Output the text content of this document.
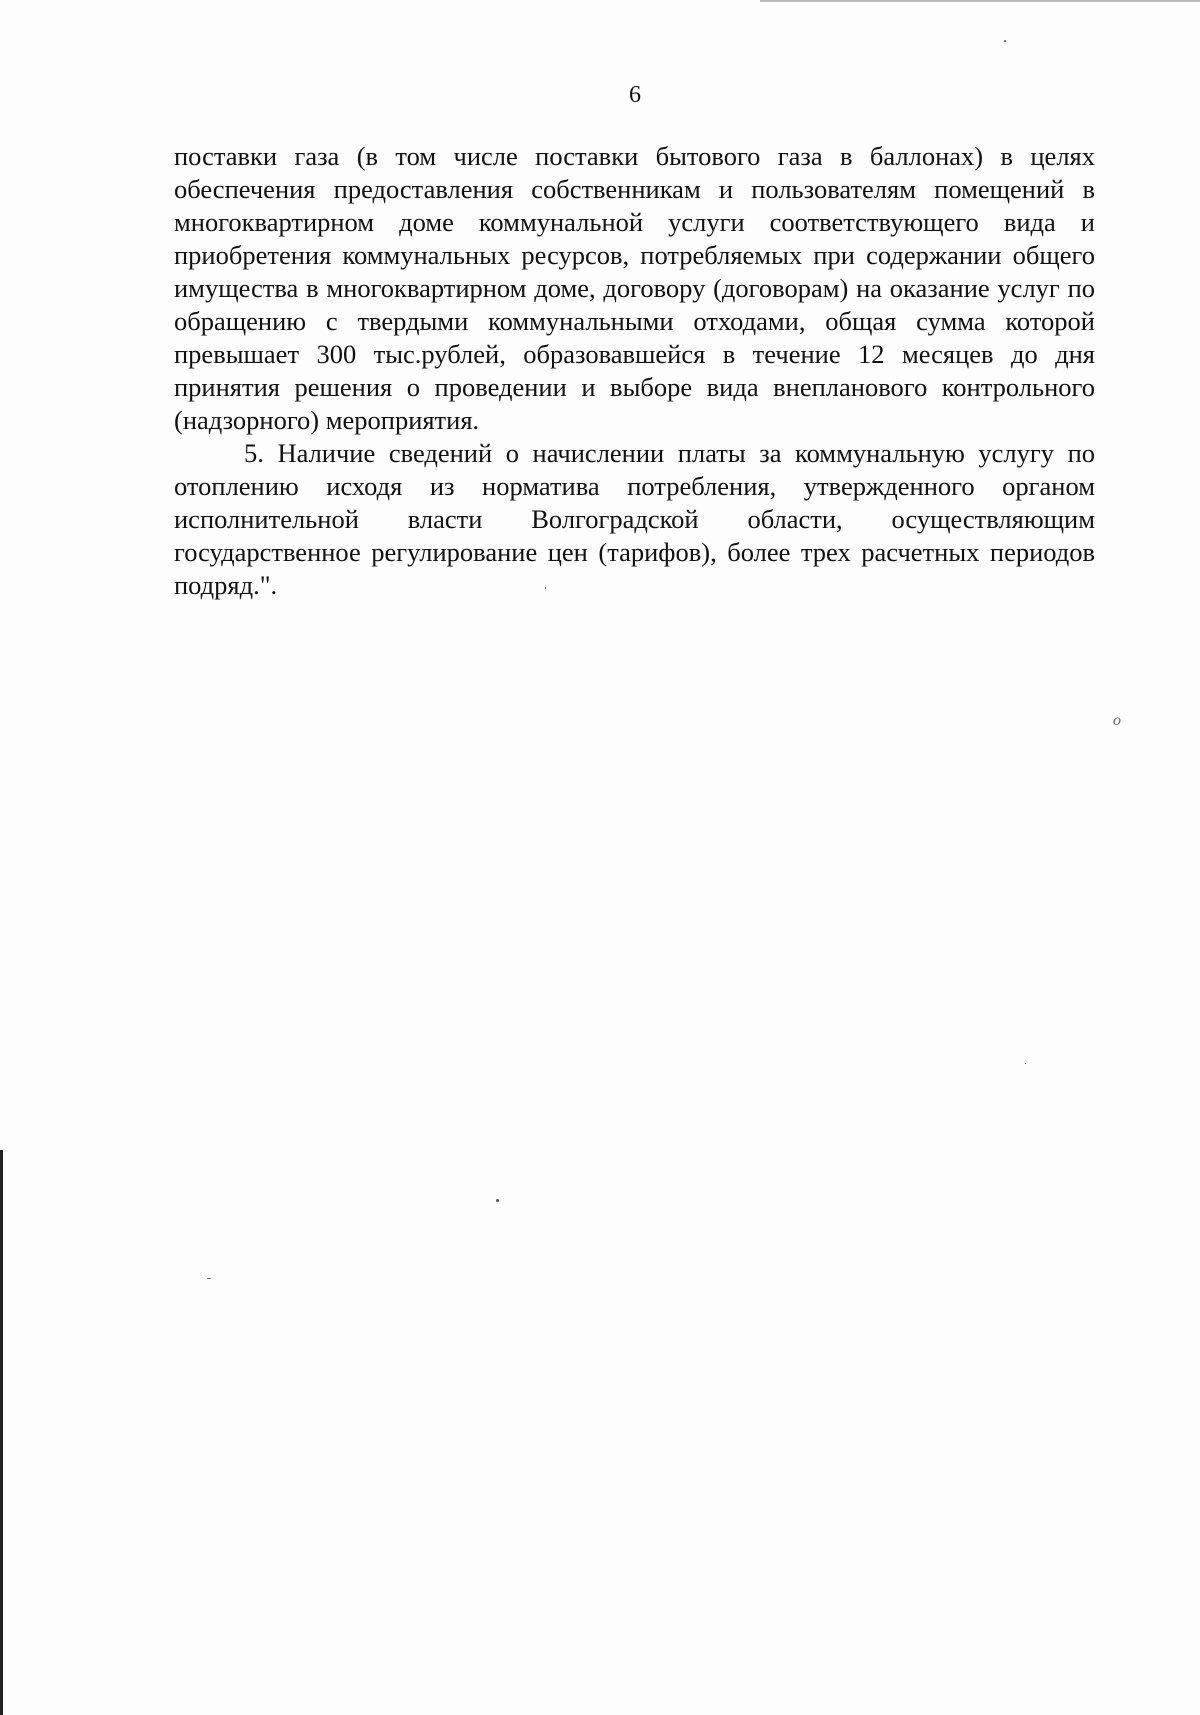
6

поставки газа (в том числе поставки бытового газа в баллонах) в целях обеспечения предоставления собственникам и пользователям помещений в многоквартирном доме коммунальной услуги соответствующего вида и приобретения коммунальных ресурсов, потребляемых при содержании общего имущества в многоквартирном доме, договору (договорам) на оказание услуг по обращению с твердыми коммунальными отходами, общая сумма которой превышает 300 тыс.рублей, образовавшейся в течение 12 месяцев до дня принятия решения о проведении и выборе вида внепланового контрольного (надзорного) мероприятия.

5. Наличие сведений о начислении платы за коммунальную услугу по отоплению исходя из норматива потребления, утвержденного органом исполнительной власти Волгоградской области, осуществляющим государственное регулирование цен (тарифов), более трех расчетных периодов подряд.".

o
